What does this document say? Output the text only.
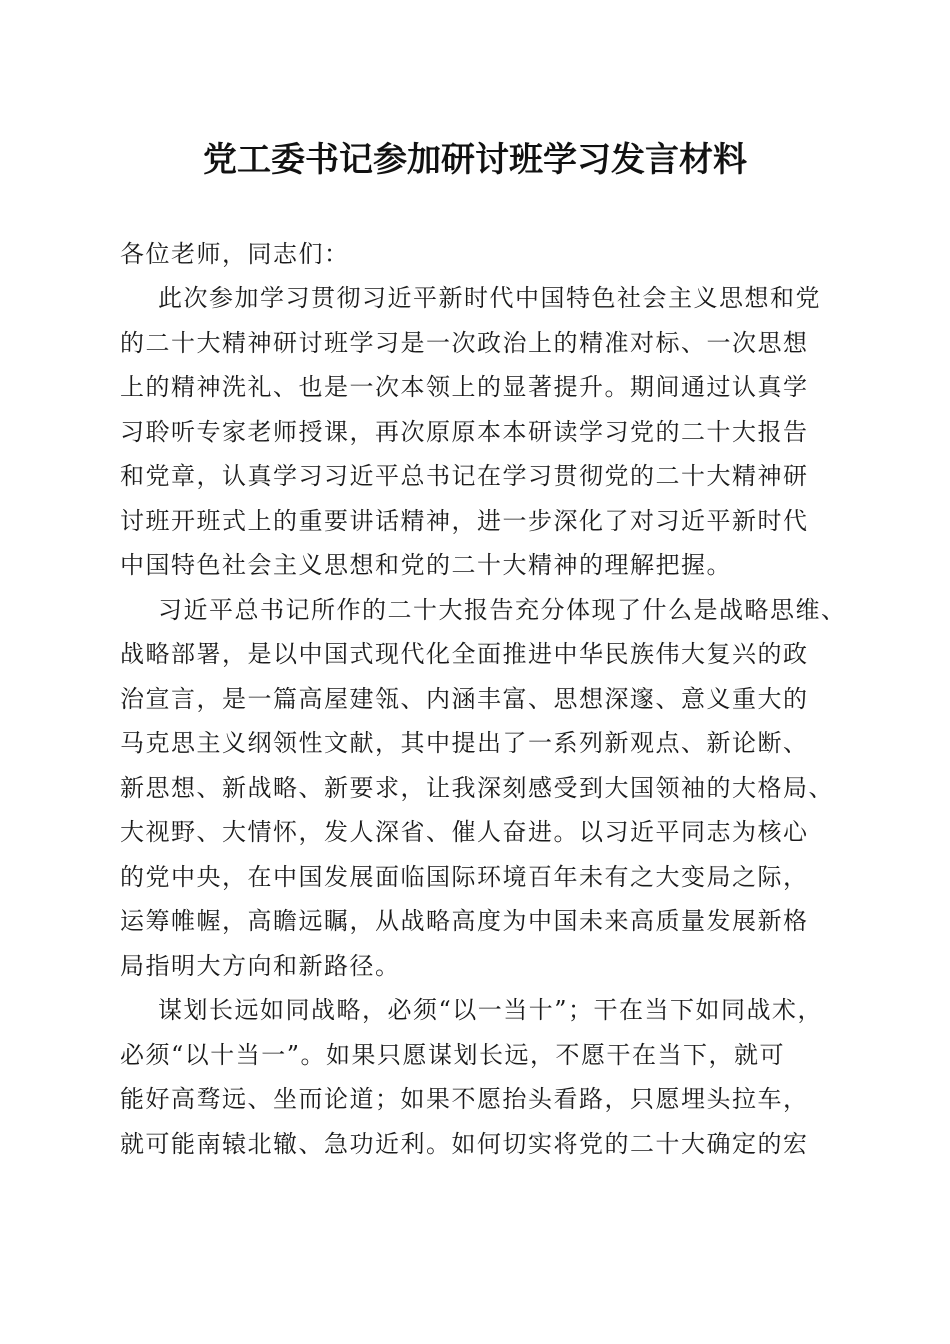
党工委书记参加研讨班学习发言材料
各位老师，同志们：
此次参加学习贯彻习近平新时代中国特色社会主义思想和党
的二十大精神研讨班学习是一次政治上的精准对标、一次思想
上的精神洗礼、也是一次本领上的显著提升。期间通过认真学
习聆听专家老师授课，再次原原本本研读学习党的二十大报告
和党章，认真学习习近平总书记在学习贯彻党的二十大精神研
讨班开班式上的重要讲话精神，进一步深化了对习近平新时代
中国特色社会主义思想和党的二十大精神的理解把握。
习近平总书记所作的二十大报告充分体现了什么是战略思维、
战略部署，是以中国式现代化全面推进中华民族伟大复兴的政
治宣言，是一篇高屋建瓴、内涵丰富、思想深邃、意义重大的
马克思主义纲领性文献，其中提出了一系列新观点、新论断、
新思想、新战略、新要求，让我深刻感受到大国领袖的大格局、
大视野、大情怀，发人深省、催人奋进。以习近平同志为核心
的党中央，在中国发展面临国际环境百年未有之大变局之际，
运筹帷幄，高瞻远瞩，从战略高度为中国未来高质量发展新格
局指明大方向和新路径。
谋划长远如同战略，必须“以一当十”；干在当下如同战术，
必须“以十当一”。如果只愿谋划长远，不愿干在当下，就可
能好高骛远、坐而论道；如果不愿抬头看路，只愿埋头拉车，
就可能南辕北辙、急功近利。如何切实将党的二十大确定的宏
